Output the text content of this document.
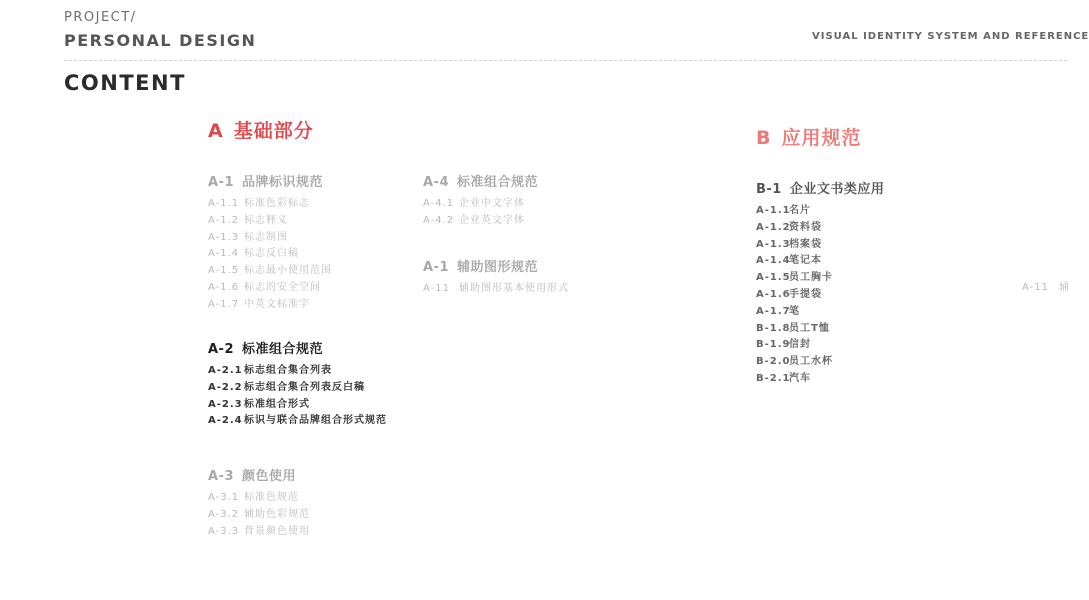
PROJECT/
PERSONAL DESIGN	VISUAL IDENTITY SYSTEM AND REFERENCE
CONTENT
A 基础部分	B 应用规范
A-1 品牌标识规范
A-1.1 标准色彩标志
A-1.2 标志释义
A-1.3 标志制图
A-1.4 标志反白稿
A-1.5 标志最小使用范围
A-1.6 标志的安全空间
A-1.7 中英文标准字
A-2 标准组合规范
A-2.1标志组合集合列表
A-2.2标志组合集合列表反白稿
A-2.3标准组合形式
A-2.4标识与联合品牌组合形式规范
A-3 颜色使用
A-3.1 标准色规范
A-3.2 辅助色彩规范
A-3.3 背景颜色使用
A-4 标准组合规范
A-4.1 企业中文字体
A-4.2 企业英文字体
A-1 辅助图形规范
A-11 辅助图形基本使用形式
B-1 企业文书类应用
A-1.1名片
A-1.2资料袋
A-1.3档案袋
A-1.4笔记本
A-1.5员工胸卡
A-1.6手提袋
A-1.7笔
B-1.8员工T恤
B-1.9信封
B-2.0员工水杯
B-2.1汽车
A-11 辅
